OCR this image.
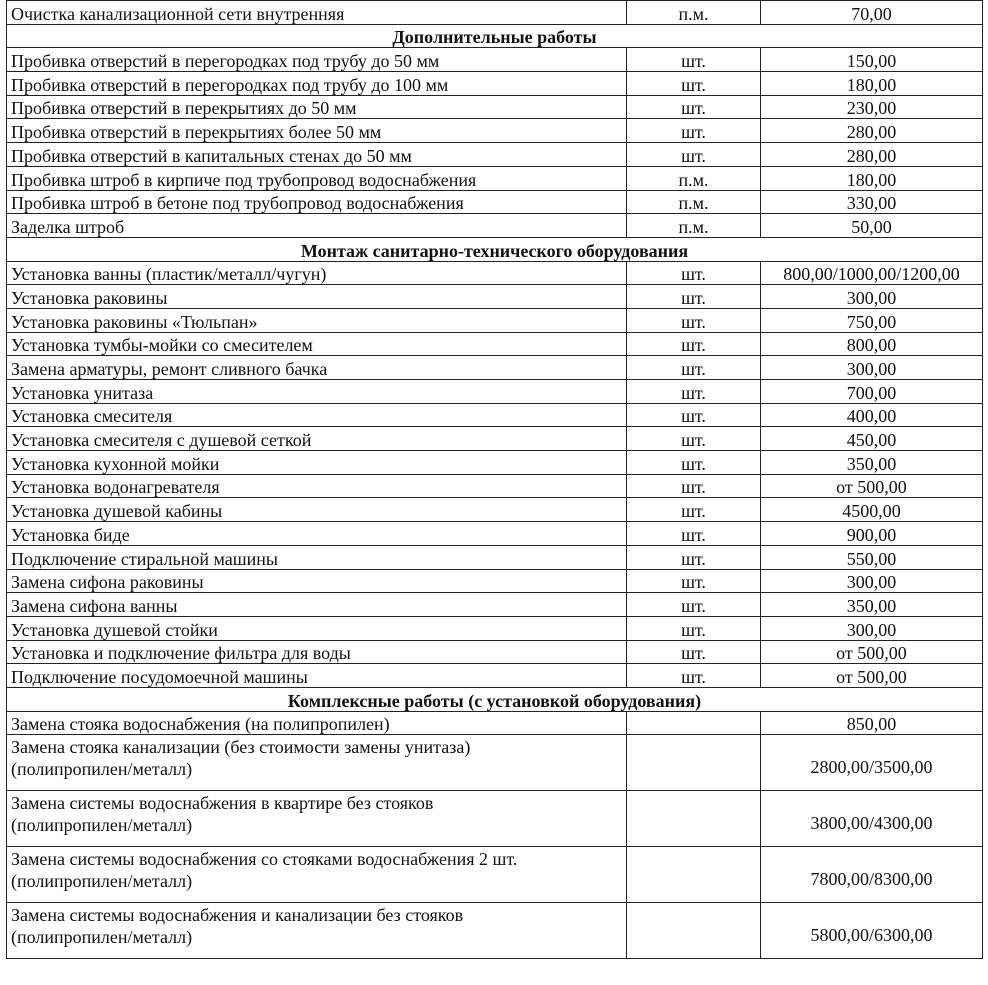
Очистка канализационной сети внутренняя	п.м.	70,00
Дополнительные работы		
Пробивка отверстий в перегородках под трубу до 50 мм	шт.	150,00
Пробивка отверстий в перегородках под трубу до 100 мм	шт.	180,00
Пробивка отверстий в перекрытиях до 50 мм	шт.	230,00
Пробивка отверстий в перекрытиях более 50 мм	шт.	280,00
Пробивка отверстий в капитальных стенах до 50 мм	шт.	280,00
Пробивка штроб в кирпиче под трубопровод водоснабжения	п.м.	180,00
Пробивка штроб в бетоне под трубопровод водоснабжения	п.м.	330,00
Заделка штроб	п.м.	50,00
Монтаж санитарно-технического оборудования		
Установка ванны (пластик/металл/чугун)	шт.	800,00/1000,00/1200,00
Установка раковины	шт.	300,00
Установка раковины «Тюльпан»	шт.	750,00
Установка тумбы-мойки со смесителем	шт.	800,00
Замена арматуры, ремонт сливного бачка	шт.	300,00
Установка унитаза	шт.	700,00
Установка смесителя	шт.	400,00
Установка смесителя с душевой сеткой	шт.	450,00
Установка кухонной мойки	шт.	350,00
Установка водонагревателя	шт.	от 500,00
Установка душевой кабины	шт.	4500,00
Установка биде	шт.	900,00
Подключение стиральной машины	шт.	550,00
Замена сифона раковины	шт.	300,00
Замена сифона ванны	шт.	350,00
Установка душевой стойки	шт.	300,00
Установка и подключение фильтра для воды	шт.	от 500,00
Подключение посудомоечной машины	шт.	от 500,00
Комплексные работы (с установкой оборудования)		
Замена стояка водоснабжения (на полипропилен)		850,00

Замена стояка канализации (без стоимости замены унитаза)
(полипропилен/металл)		2800,00/3500,00

Замена системы водоснабжения в квартире без стояков
(полипропилен/металл)		3800,00/4300,00

Замена системы водоснабжения со стояками водоснабжения 2 шт.
(полипропилен/металл)		7800,00/8300,00

Замена системы водоснабжения и канализации без стояков
(полипропилен/металл)		5800,00/6300,00
